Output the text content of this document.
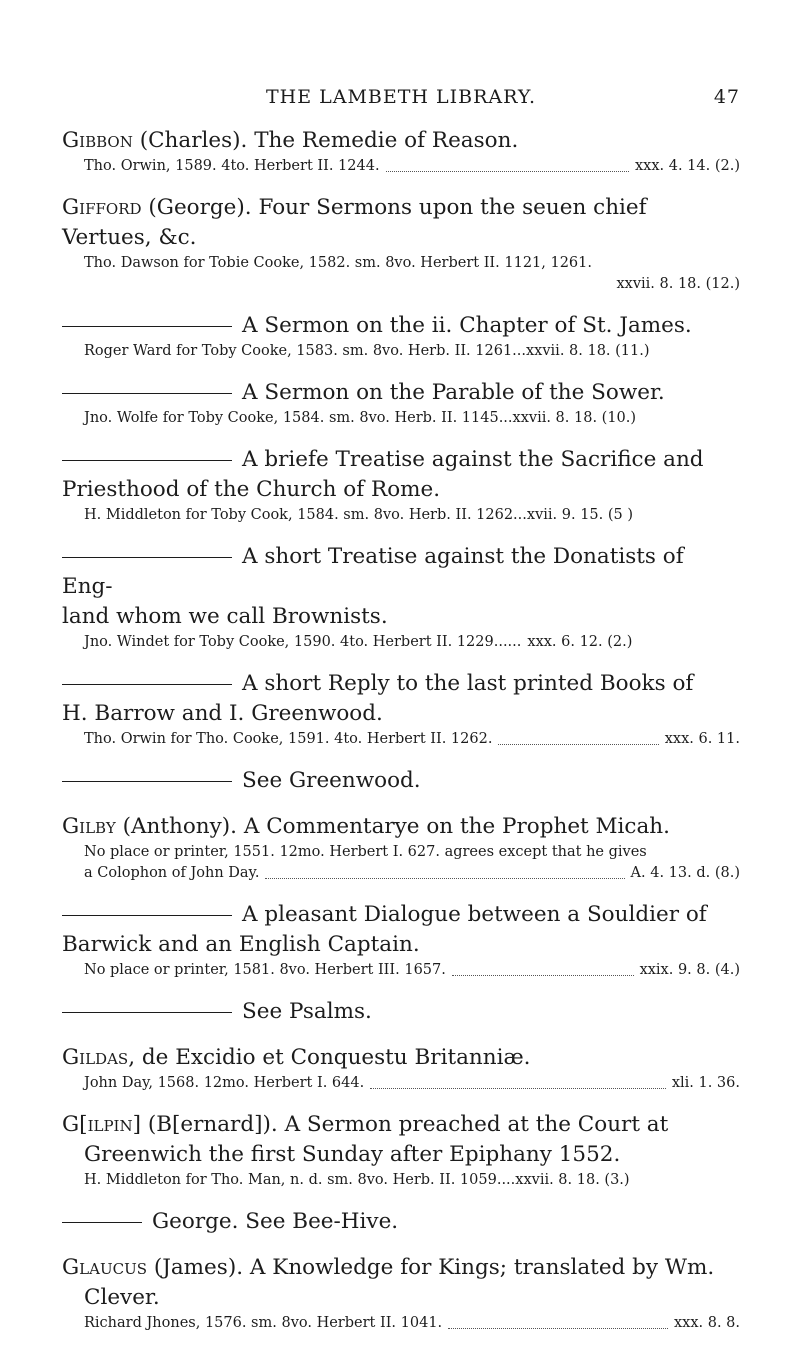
THE LAMBETH LIBRARY.	47
Gibbon (Charles). The Remedie of Reason.
Tho. Orwin, 1589. 4to. Herbert II. 1244.	xxx. 4. 14. (2.)
Gifford (George). Four Sermons upon the seuen chief Vertues, &c.
Tho. Dawson for Tobie Cooke, 1582. sm. 8vo. Herbert II. 1121, 1261.
xxvii. 8. 18. (12.)
A Sermon on the ii. Chapter of St. James.
Roger Ward for Toby Cooke, 1583. sm. 8vo. Herb. II. 1261...xxvii. 8. 18. (11.)
A Sermon on the Parable of the Sower.
Jno. Wolfe for Toby Cooke, 1584. sm. 8vo. Herb. II. 1145...xxvii. 8. 18. (10.)
A briefe Treatise against the Sacrifice and
Priesthood of the Church of Rome.
H. Middleton for Toby Cook, 1584. sm. 8vo. Herb. II. 1262...xvii. 9. 15. (5 )
A short Treatise against the Donatists of Eng-
land whom we call Brownists.
Jno. Windet for Toby Cooke, 1590. 4to. Herbert II. 1229...... xxx. 6. 12. (2.)
A short Reply to the last printed Books of
H. Barrow and I. Greenwood.
Tho. Orwin for Tho. Cooke, 1591. 4to. Herbert II. 1262.	xxx. 6. 11.
See Greenwood.
Gilby (Anthony). A Commentarye on the Prophet Micah.
No place or printer, 1551. 12mo. Herbert I. 627. agrees except that he gives
a Colophon of John Day.	A. 4. 13. d. (8.)
A pleasant Dialogue between a Souldier of
Barwick and an English Captain.
No place or printer, 1581. 8vo. Herbert III. 1657.	xxix. 9. 8. (4.)
See Psalms.
Gildas, de Excidio et Conquestu Britanniæ.
John Day, 1568. 12mo. Herbert I. 644.	xli. 1. 36.
G[ilpin] (B[ernard]). A Sermon preached at the Court at
Greenwich the first Sunday after Epiphany 1552.
H. Middleton for Tho. Man, n. d. sm. 8vo. Herb. II. 1059....xxvii. 8. 18. (3.)
George. See Bee-Hive.
Glaucus (James). A Knowledge for Kings; translated by Wm.
Clever.
Richard Jhones, 1576. sm. 8vo. Herbert II. 1041.	xxx. 8. 8.
